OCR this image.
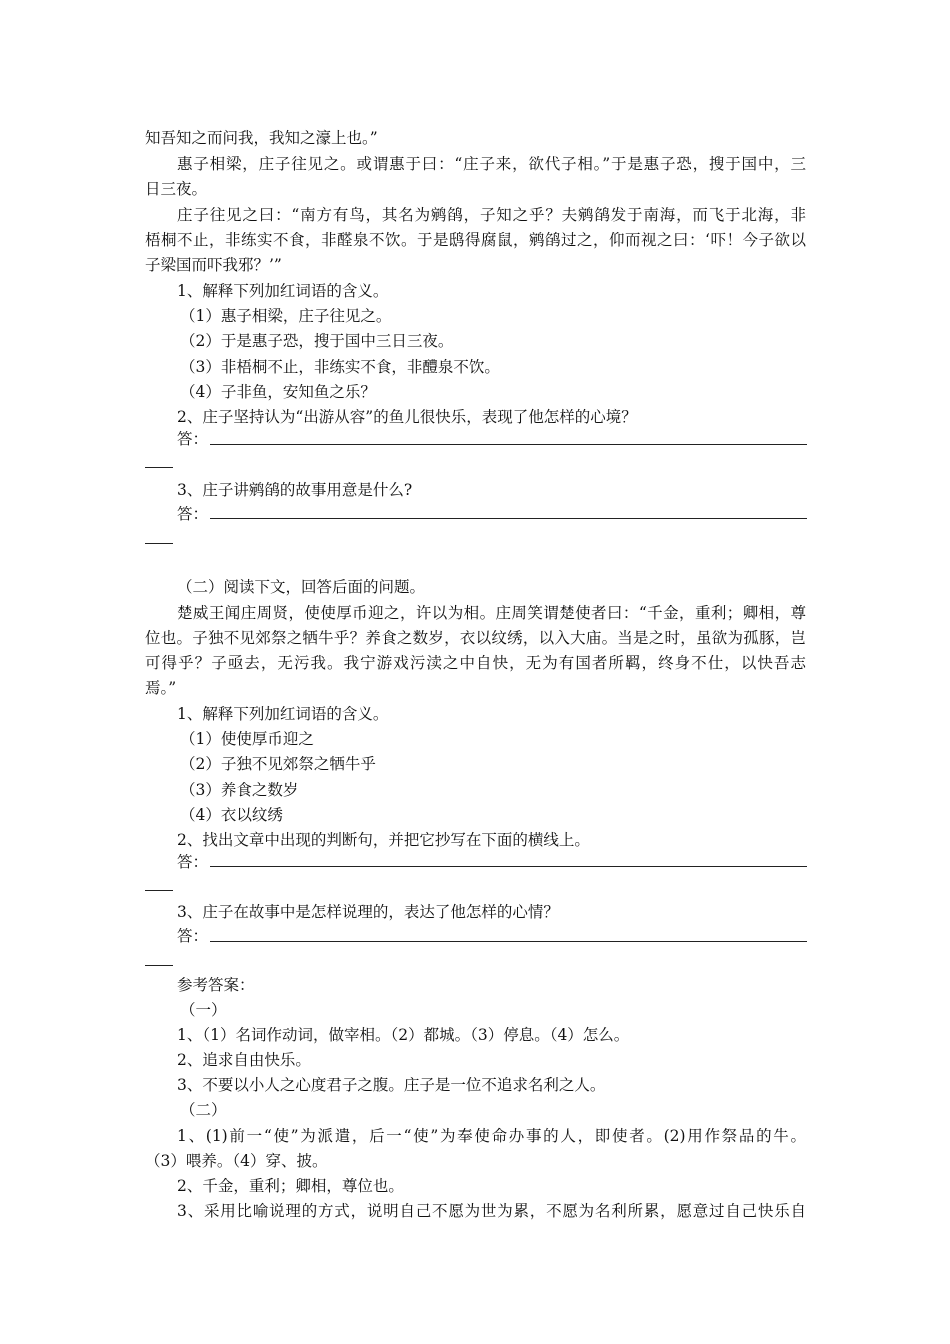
知吾知之而问我，我知之濠上也。”
惠子相梁，庄子往见之。或谓惠于曰：“庄子来，欲代子相。”于是惠子恐，搜于国中，三
日三夜。
庄子往见之曰：“南方有鸟，其名为鹓鹐，子知之乎？夫鹓鹐发于南海，而飞于北海，非
梧桐不止，非练实不食，非醛泉不饮。于是鸱得腐鼠，鹓鹐过之，仰而视之曰：‘吓！今子欲以
子梁国而吓我邪？’”
1、解释下列加红词语的含义。
（1）惠子相梁，庄子往见之。
（2）于是惠子恐，搜于国中三日三夜。
（3）非梧桐不止，非练实不食，非醴泉不饮。
（4）子非鱼，安知鱼之乐？
2、庄子坚持认为“出游从容”的鱼儿很快乐，表现了他怎样的心境？
答：
3、庄子讲鹓鹐的故事用意是什么?
答：
（二）阅读下文，回答后面的问题。
楚威王闻庄周贤，使使厚币迎之，许以为相。庄周笑谓楚使者曰：“千金，重利；卿相，尊
位也。子独不见郊祭之牺牛乎？养食之数岁，衣以纹绣，以入大庙。当是之时，虽欲为孤豚，岂
可得乎？子亟去，无污我。我宁游戏污渎之中自快，无为有国者所羁，终身不仕，以快吾志
焉。”
1、解释下列加红词语的含义。
（1）使使厚币迎之
（2）子独不见郊祭之牺牛乎
（3）养食之数岁
（4）衣以纹绣
2、找出文章中出现的判断句，并把它抄写在下面的横线上。
答：
3、庄子在故事中是怎样说理的，表达了他怎样的心情？
答：
参考答案：
（一）
1、（1）名词作动词，做宰相。（2）都城。（3）停息。（4）怎么。
2、追求自由快乐。
3、不要以小人之心度君子之腹。庄子是一位不追求名利之人。
（二）
1、(1)前一“使”为派遣，后一“使”为奉使命办事的人，即使者。(2)用作祭品的牛。
（3）喂养。（4）穿、披。
2、千金，重利；卿相，尊位也。
3、采用比喻说理的方式，说明自己不愿为世为累，不愿为名利所累，愿意过自己快乐自
